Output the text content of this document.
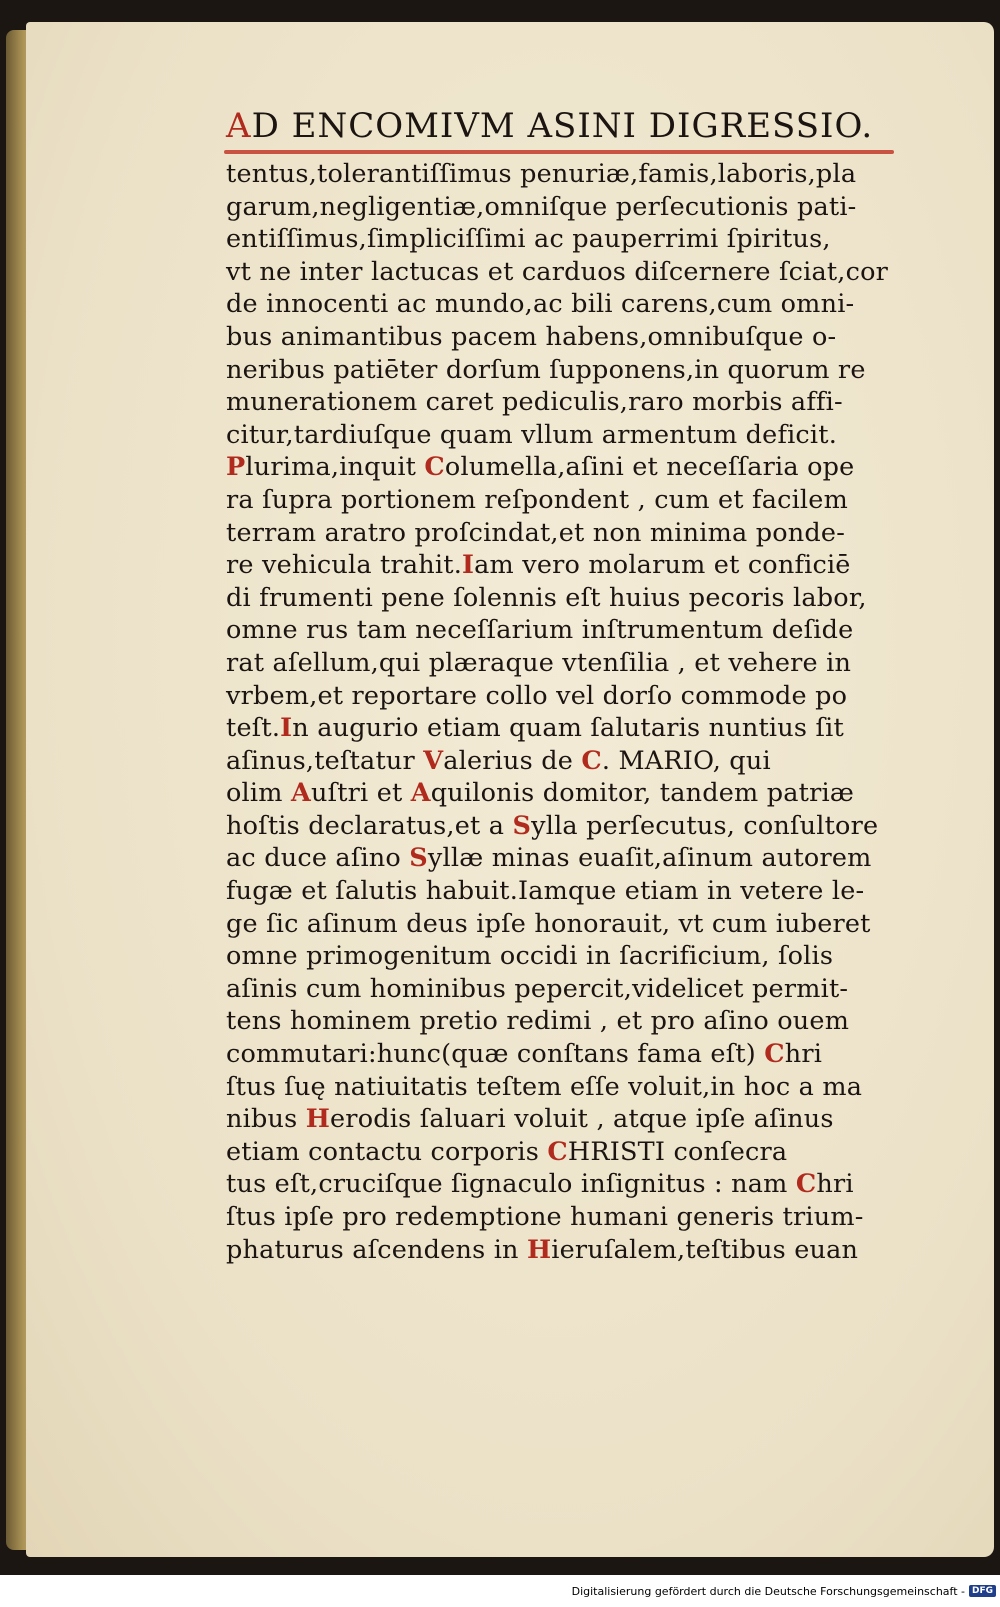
AD ENCOMIVM ASINI DIGRESSIO.
tentus,tolerantiſſimus penuriæ,famis,laboris,pla
garum,negligentiæ,omniſque perſecutionis pati-
entiſſimus,ſimpliciſſimi ac pauperrimi ſpiritus,
vt ne inter lactucas et carduos diſcernere ſciat,cor
de innocenti ac mundo,ac bili carens,cum omni-
bus animantibus pacem habens,omnibuſque o-
neribus patiēter dorſum ſupponens,in quorum re
munerationem caret pediculis,raro morbis affi-
citur,tardiuſque quam vllum armentum deficit.
Plurima,inquit Columella,aſini et neceſſaria ope
ra ſupra portionem reſpondent , cum et facilem
terram aratro proſcindat,et non minima ponde-
re vehicula trahit.Iam vero molarum et conficiē
di frumenti pene ſolennis eſt huius pecoris labor,
omne rus tam neceſſarium inſtrumentum deſide
rat aſellum,qui plæraque vtenſilia , et vehere in
vrbem,et reportare collo vel dorſo commode po
teſt.In augurio etiam quam ſalutaris nuntius ſit
aſinus,teſtatur Valerius de C. MARIO, qui
olim Auſtri et Aquilonis domitor, tandem patriæ
hoſtis declaratus,et a Sylla perſecutus, conſultore
ac duce aſino Syllæ minas euaſit,aſinum autorem
fugæ et ſalutis habuit.Iamque etiam in vetere le-
ge ſic aſinum deus ipſe honorauit, vt cum iuberet
omne primogenitum occidi in ſacrificium, ſolis
aſinis cum hominibus pepercit,videlicet permit-
tens hominem pretio redimi , et pro aſino ouem
commutari:hunc(quæ conſtans fama eſt) Chri
ſtus ſuę natiuitatis teſtem eſſe voluit,in hoc a ma
nibus Herodis ſaluari voluit , atque ipſe aſinus
etiam contactu corporis CHRISTI conſecra
tus eſt,cruciſque ſignaculo inſignitus : nam Chri
ſtus ipſe pro redemptione humani generis trium-
phaturus aſcendens in Hieruſalem,teſtibus euan
Digitalisierung gefördert durch die Deutsche Forschungsgemeinschaft - DFG
